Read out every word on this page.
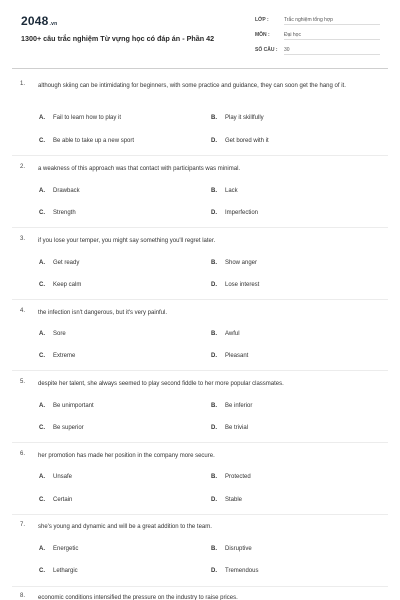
2048.vn
1300+ câu trắc nghiệm Từ vựng học có đáp án - Phần 42
LỚP :	Trắc nghiệm tổng hợp
MÔN :	Đại học
SỐ CÂU : 30
1. although skiing can be intimidating for beginners, with some practice and guidance, they can soon get the hang of it.
A. Fail to learn how to play it	B. Play it skillfully
C. Be able to take up a new sport	D. Get bored with it
2. a weakness of this approach was that contact with participants was minimal.
A. Drawback	B. Lack
C. Strength	D. Imperfection
3. if you lose your temper, you might say something you'll regret later.
A. Get ready	B. Show anger
C. Keep calm	D. Lose interest
4. the infection isn't dangerous, but it's very painful.
A. Sore	B. Awful
C. Extreme	D. Pleasant
5. despite her talent, she always seemed to play second fiddle to her more popular classmates.
A. Be unimportant	B. Be inferior
C. Be superior	D. Be trivial
6. her promotion has made her position in the company more secure.
A. Unsafe	B. Protected
C. Certain	D. Stable
7. she's young and dynamic and will be a great addition to the team.
A. Energetic	B. Disruptive
C. Lethargic	D. Tremendous
8. economic conditions intensified the pressure on the industry to raise prices.
